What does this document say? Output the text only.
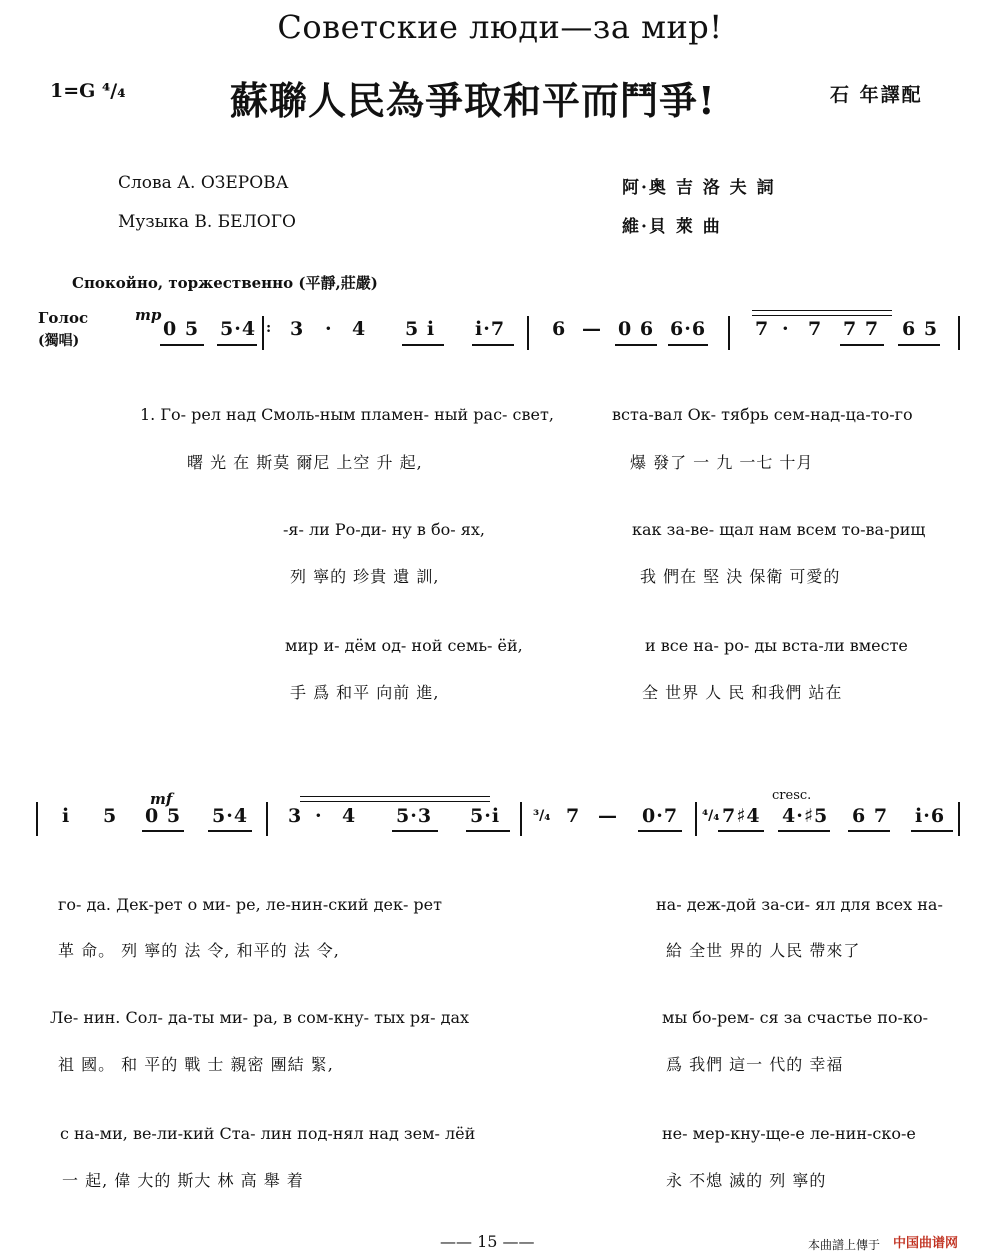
Советские люди—за мир!
1=G ⁴/₄	蘇聯人民為爭取和平而鬥爭!	石 年譯配
Слова А. ОЗЕРОВА
Музыка В. БЕЛОГО
阿·奥 吉 洛 夫 詞
維·貝 萊 曲
Спокойно, торжественно (平靜,莊嚴)
Голос
(獨唱)
mp
0 5 5·4 3 · 4 5 i i·7 6 — 0 6 6·6	7 · 7 7 7 6 5
:
1. Го- рел над Смоль-ным пламен- ный рас- свет,	вста-вал Ок- тябрь сем-над-ца-то-го
曙 光 在 斯莫 爾尼 上空 升 起,	爆 發了 一 九 一七 十月
-я- ли Ро-ди- ну в бо- ях,	как за-ве- щал нам всем то-ва-рищ
列 寧的 珍貴 遺 訓,	我 們在 堅 決 保衛 可愛的
мир и- дём од- ной семь- ёй,	и все на- ро- ды вста-ли вместе
手 爲 和平 向前 進,	全 世界 人 民 和我們 站在
mf	cresc.
³/₄	⁴/₄
i 5 0 5 5·4 3 · 4 5·3 5·i	7 — 0·7 7♯4 4·♯5 6 7 i·6
го- да. Дек-рет о ми- ре, ле-нин-ский дек- рет	на- деж-дой за-си- ял для всех на-
革 命。 列 寧的 法 令, 和平的 法 令,	給 全世 界的 人民 帶來了
Ле- нин. Сол- да-ты ми- ра, в сом-кну- тых ря- дах	мы бо-рем- ся за счастье по-ко-
祖 國。 和 平的 戰 士 親密 團結 緊,	爲 我們 這一 代的 幸福
с на-ми, ве-ли-кий Ста- лин под-нял над зем- лёй	не- мер-кну-ще-е ле-нин-ско-е
一 起, 偉 大的 斯大 林 高 舉 着	永 不熄 滅的 列 寧的
—— 15 ——	本曲譜上傳于 中国曲谱网
